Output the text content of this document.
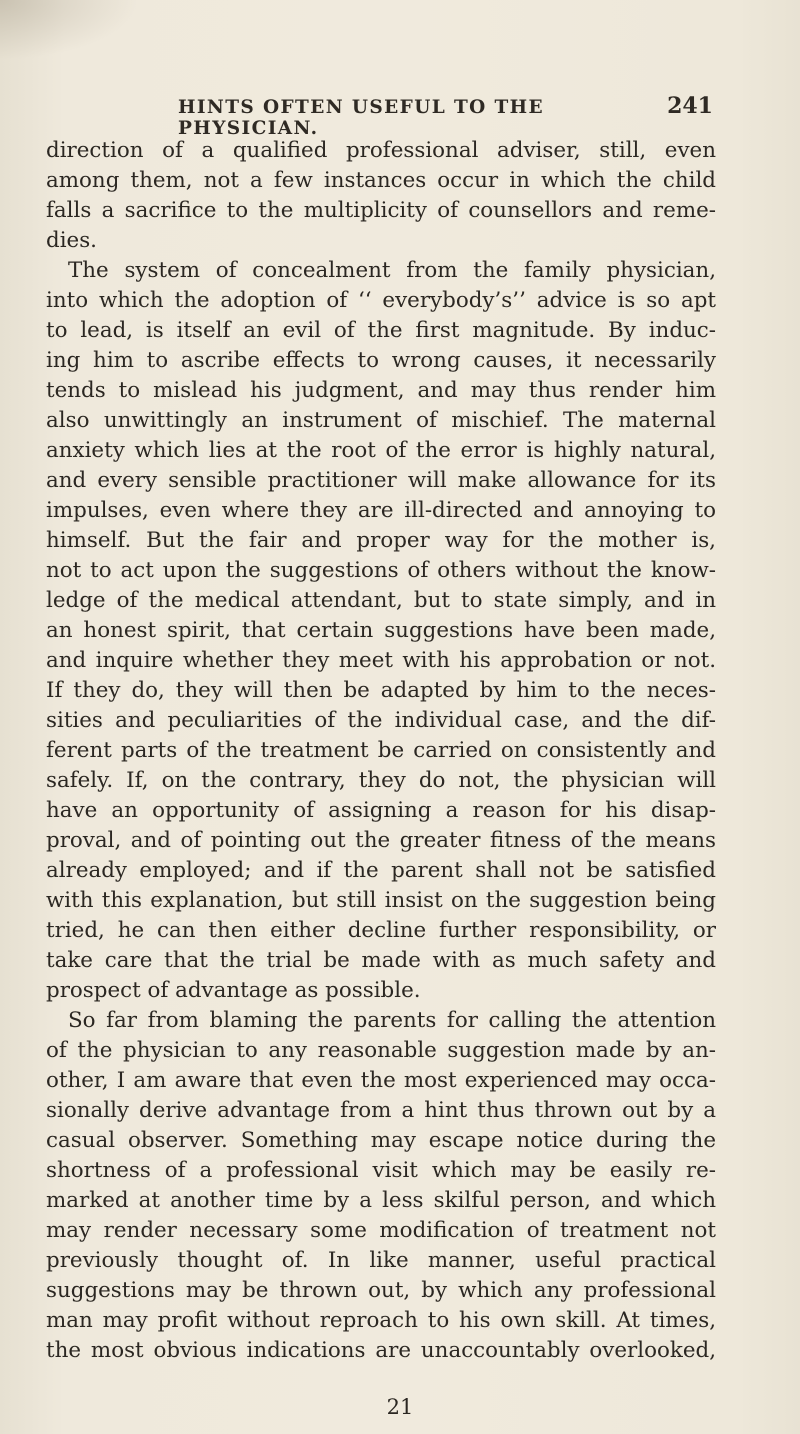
HINTS OFTEN USEFUL TO THE PHYSICIAN.
241
direction of a qualified professional adviser, still, even
among them, not a few instances occur in which the child
falls a sacrifice to the multiplicity of counsellors and reme-
dies.
The system of concealment from the family physician,
into which the adoption of ‘‘ everybody’s’’ advice is so apt
to lead, is itself an evil of the first magnitude. By induc-
ing him to ascribe effects to wrong causes, it necessarily
tends to mislead his judgment, and may thus render him
also unwittingly an instrument of mischief. The maternal
anxiety which lies at the root of the error is highly natural,
and every sensible practitioner will make allowance for its
impulses, even where they are ill-directed and annoying to
himself. But the fair and proper way for the mother is,
not to act upon the suggestions of others without the know-
ledge of the medical attendant, but to state simply, and in
an honest spirit, that certain suggestions have been made,
and inquire whether they meet with his approbation or not.
If they do, they will then be adapted by him to the neces-
sities and peculiarities of the individual case, and the dif-
ferent parts of the treatment be carried on consistently and
safely. If, on the contrary, they do not, the physician will
have an opportunity of assigning a reason for his disap-
proval, and of pointing out the greater fitness of the means
already employed; and if the parent shall not be satisfied
with this explanation, but still insist on the suggestion being
tried, he can then either decline further responsibility, or
take care that the trial be made with as much safety and
prospect of advantage as possible.
So far from blaming the parents for calling the attention
of the physician to any reasonable suggestion made by an-
other, I am aware that even the most experienced may occa-
sionally derive advantage from a hint thus thrown out by a
casual observer. Something may escape notice during the
shortness of a professional visit which may be easily re-
marked at another time by a less skilful person, and which
may render necessary some modification of treatment not
previously thought of. In like manner, useful practical
suggestions may be thrown out, by which any professional
man may profit without reproach to his own skill. At times,
the most obvious indications are unaccountably overlooked,
21
